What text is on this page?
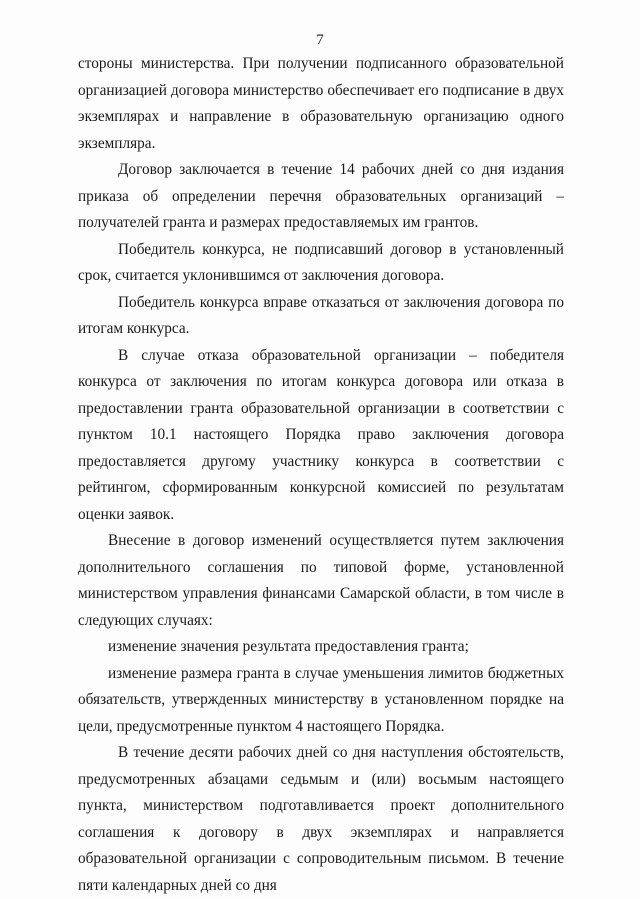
7

стороны министерства. При получении подписанного образовательной организацией договора министерство обеспечивает его подписание в двух экземплярах и направление в образовательную организацию одного экземпляра.

Договор заключается в течение 14 рабочих дней со дня издания приказа об определении перечня образовательных организаций – получателей гранта и размерах предоставляемых им грантов.

Победитель конкурса, не подписавший договор в установленный срок, считается уклонившимся от заключения договора.

Победитель конкурса вправе отказаться от заключения договора по итогам конкурса.

В случае отказа образовательной организации – победителя конкурса от заключения по итогам конкурса договора или отказа в предоставлении гранта образовательной организации в соответствии с пунктом 10.1 настоящего Порядка право заключения договора предоставляется другому участнику конкурса в соответствии с рейтингом, сформированным конкурсной комиссией по результатам оценки заявок.

Внесение в договор изменений осуществляется путем заключения дополнительного соглашения по типовой форме, установленной министерством управления финансами Самарской области, в том числе в следующих случаях:

изменение значения результата предоставления гранта;

изменение размера гранта в случае уменьшения лимитов бюджетных обязательств, утвержденных министерству в установленном порядке на цели, предусмотренные пунктом 4 настоящего Порядка.

В течение десяти рабочих дней со дня наступления обстоятельств, предусмотренных абзацами седьмым и (или) восьмым настоящего пункта, министерством подготавливается проект дополнительного соглашения к договору в двух экземплярах и направляется образовательной организации с сопроводительным письмом. В течение пяти календарных дней со дня
